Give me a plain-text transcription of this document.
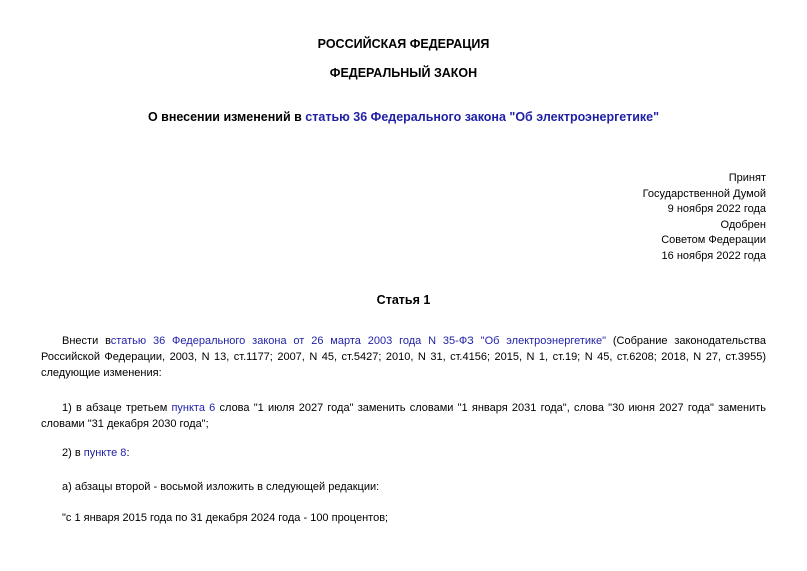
РОССИЙСКАЯ ФЕДЕРАЦИЯ
ФЕДЕРАЛЬНЫЙ ЗАКОН
О внесении изменений в статью 36 Федерального закона "Об электроэнергетике"
Принят
Государственной Думой
9 ноября 2022 года
Одобрен
Советом Федерации
16 ноября 2022 года
Статья 1
Внести встатью 36 Федерального закона от 26 марта 2003 года N 35-ФЗ "Об электроэнергетике" (Собрание законодательства
Российской Федерации, 2003, N 13, ст.1177; 2007, N 45, ст.5427; 2010, N 31, ст.4156; 2015, N 1, ст.19; N 45, ст.6208; 2018, N 27, ст.3955)
следующие изменения:
1) в абзаце третьем пункта 6 слова "1 июля 2027 года" заменить словами "1 января 2031 года", слова "30 июня 2027 года" заменить
словами "31 декабря 2030 года";
2) в пункте 8:
а) абзацы второй - восьмой изложить в следующей редакции:
"с 1 января 2015 года по 31 декабря 2024 года - 100 процентов;
